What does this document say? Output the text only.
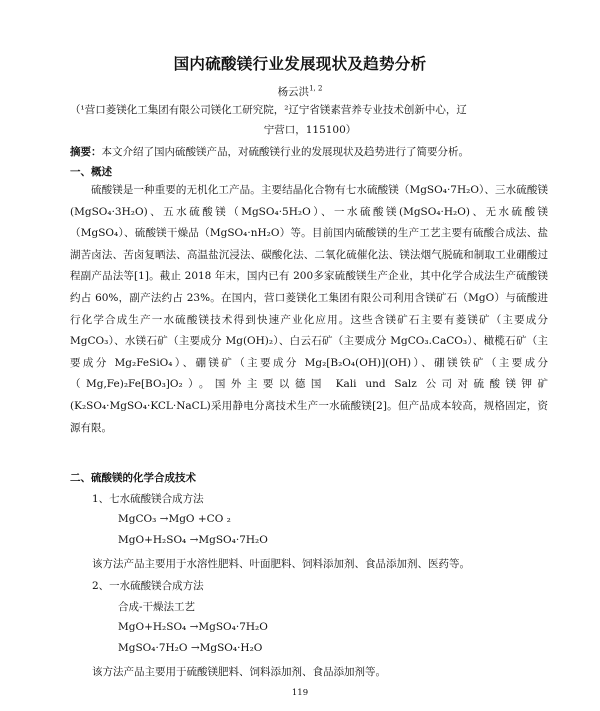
国内硫酸镁行业发展现状及趋势分析
杨云洪$^{1, 2}$
（¹营口菱镁化工集团有限公司镁化工研究院，²辽宁省镁素营养专业技术创新中心，辽
宁营口，115100）
摘要：本文介绍了国内硫酸镁产品，对硫酸镁行业的发展现状及趋势进行了简要分析。
一、概述

硫酸镁是一种重要的无机化工产品。主要结晶化合物有七水硫酸镁（MgSO₄·7H₂O）、三水硫酸镁(MgSO₄·3H₂O)、五水硫酸镁（MgSO₄·5H₂O）、一水硫酸镁(MgSO₄·H₂O)、无水硫酸镁（MgSO₄）、硫酸镁干燥品（MgSO₄·nH₂O）等。目前国内硫酸镁的生产工艺主要有硫酸合成法、盐湖苦卤法、苦卤复晒法、高温盐沉浸法、碳酸化法、二氧化硫催化法、镁法烟气脱硫和制取工业硼酸过程副产品法等[1]。截止 2018 年末，国内已有 200多家硫酸镁生产企业，其中化学合成法生产硫酸镁约占 60%，副产法约占 23%。在国内，营口菱镁化工集团有限公司利用含镁矿石（MgO）与硫酸进行化学合成生产一水硫酸镁技术得到快速产业化应用。这些含镁矿石主要有菱镁矿（主要成分 MgCO₃）、水镁石矿（主要成分 Mg(OH)₂）、白云石矿（主要成分 MgCO₃.CaCO₃）、橄榄石矿（主要成分 Mg₂FeSiO₄）、硼镁矿（主要成分 Mg₂[B₂O₄(OH)](OH)）、硼镁铁矿（主要成分（Mg,Fe)₂Fe[BO₃]O₂）。国外主要以德国 Kali und Salz 公司对硫酸镁钾矿(K₂SO₄·MgSO₄·KCL·NaCL)采用静电分离技术生产一水硫酸镁[2]。但产品成本较高，规格固定，资源有限。

二、硫酸镁的化学合成技术
1、七水硫酸镁合成方法
MgCO₃ →MgO +CO ₂
MgO+H₂SO₄ →MgSO₄·7H₂O
该方法产品主要用于水溶性肥料、叶面肥料、饲料添加剂、食品添加剂、医药等。
2、一水硫酸镁合成方法
合成-干燥法工艺
MgO+H₂SO₄ →MgSO₄·7H₂O
MgSO₄·7H₂O →MgSO₄·H₂O
该方法产品主要用于硫酸镁肥料、饲料添加剂、食品添加剂等。
119
